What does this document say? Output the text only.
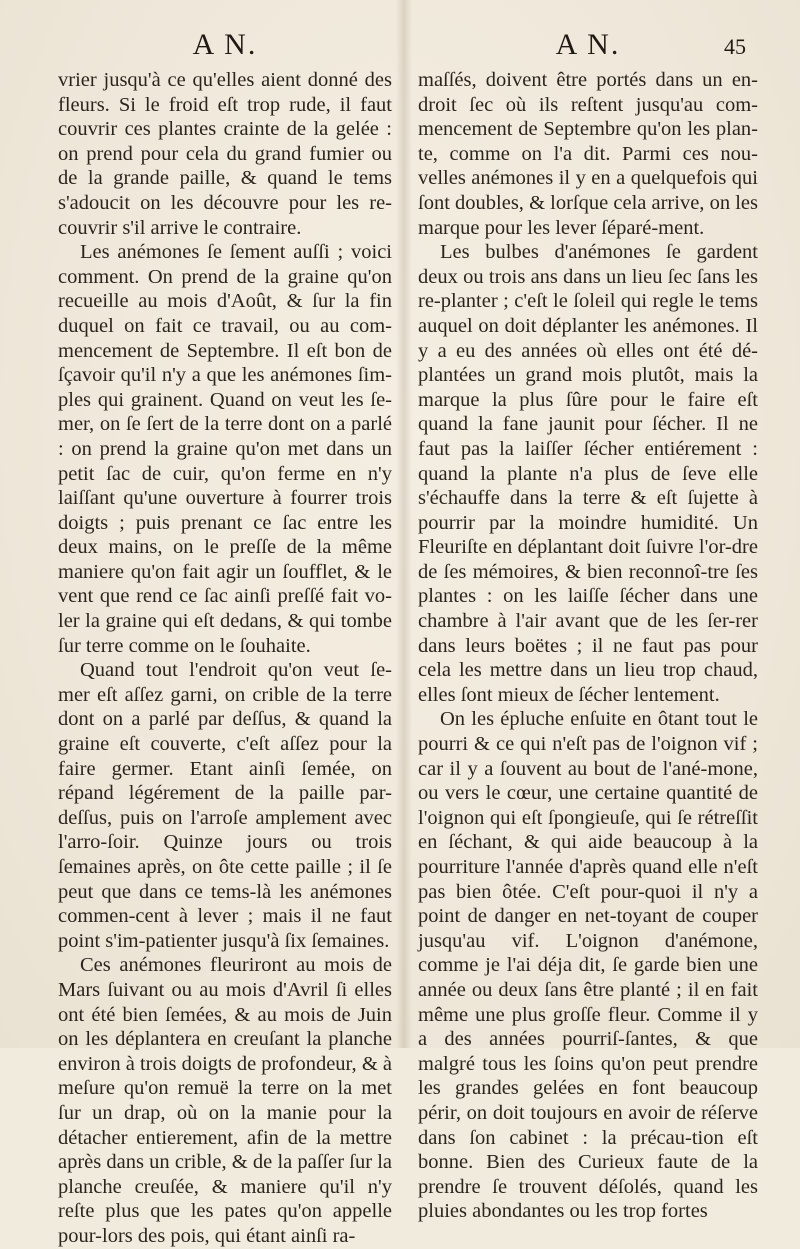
A N.

vrier jusqu'à ce qu'elles aient donné des fleurs. Si le froid eſt trop rude, il faut couvrir ces plantes crainte de la gelée : on prend pour cela du grand fumier ou de la grande paille, & quand le tems s'adoucit on les découvre pour les re-couvrir s'il arrive le contraire.

Les anémones ſe ſement auſſi ; voici comment. On prend de la graine qu'on recueille au mois d'Août, & ſur la fin duquel on fait ce travail, ou au com-mencement de Septembre. Il eſt bon de ſçavoir qu'il n'y a que les anémones ſim-ples qui grainent. Quand on veut les ſe-mer, on ſe ſert de la terre dont on a parlé : on prend la graine qu'on met dans un petit ſac de cuir, qu'on ferme en n'y laiſſant qu'une ouverture à fourrer trois doigts ; puis prenant ce ſac entre les deux mains, on le preſſe de la même maniere qu'on fait agir un ſoufflet, & le vent que rend ce ſac ainſi preſſé fait vo-ler la graine qui eſt dedans, & qui tombe ſur terre comme on le ſouhaite.

Quand tout l'endroit qu'on veut ſe-mer eſt aſſez garni, on crible de la terre dont on a parlé par deſſus, & quand la graine eſt couverte, c'eſt aſſez pour la faire germer. Etant ainſi ſemée, on répand légérement de la paille par-deſſus, puis on l'arroſe amplement avec l'arro-ſoir. Quinze jours ou trois ſemaines après, on ôte cette paille ; il ſe peut que dans ce tems-là les anémones commen-cent à lever ; mais il ne faut point s'im-patienter jusqu'à ſix ſemaines.

Ces anémones fleuriront au mois de Mars ſuivant ou au mois d'Avril ſi elles ont été bien ſemées, & au mois de Juin on les déplantera en creuſant la planche environ à trois doigts de profondeur, & à meſure qu'on remuë la terre on la met ſur un drap, où on la manie pour la détacher entierement, afin de la mettre après dans un crible, & de la paſſer ſur la planche creuſée, & maniere qu'il n'y reſte plus que les pates qu'on appelle pour-lors des pois, qui étant ainſi ra-

A N.	45

maſſés, doivent être portés dans un en-droit ſec où ils reſtent jusqu'au com-mencement de Septembre qu'on les plan-te, comme on l'a dit. Parmi ces nou-velles anémones il y en a quelquefois qui ſont doubles, & lorſque cela arrive, on les marque pour les lever ſéparé-ment.

Les bulbes d'anémones ſe gardent deux ou trois ans dans un lieu ſec ſans les re-planter ; c'eſt le ſoleil qui regle le tems auquel on doit déplanter les anémones. Il y a eu des années où elles ont été dé-plantées un grand mois plutôt, mais la marque la plus ſûre pour le faire eſt quand la fane jaunit pour ſécher. Il ne faut pas la laiſſer ſécher entiérement : quand la plante n'a plus de ſeve elle s'échauffe dans la terre & eſt ſujette à pourrir par la moindre humidité. Un Fleuriſte en déplantant doit ſuivre l'or-dre de ſes mémoires, & bien reconnoî-tre ſes plantes : on les laiſſe ſécher dans une chambre à l'air avant que de les ſer-rer dans leurs boëtes ; il ne faut pas pour cela les mettre dans un lieu trop chaud, elles ſont mieux de ſécher lentement.

On les épluche enſuite en ôtant tout le pourri & ce qui n'eſt pas de l'oignon vif ; car il y a ſouvent au bout de l'ané-mone, ou vers le cœur, une certaine quantité de l'oignon qui eſt ſpongieuſe, qui ſe rétreſſit en ſéchant, & qui aide beaucoup à la pourriture l'année d'après quand elle n'eſt pas bien ôtée. C'eſt pour-quoi il n'y a point de danger en net-toyant de couper jusqu'au vif. L'oignon d'anémone, comme je l'ai déja dit, ſe garde bien une année ou deux ſans être planté ; il en fait même une plus groſſe fleur. Comme il y a des années pourriſ-ſantes, & que malgré tous les ſoins qu'on peut prendre les grandes gelées en font beaucoup périr, on doit toujours en avoir de réſerve dans ſon cabinet : la précau-tion eſt bonne. Bien des Curieux faute de la prendre ſe trouvent déſolés, quand les pluies abondantes ou les trop fortes
